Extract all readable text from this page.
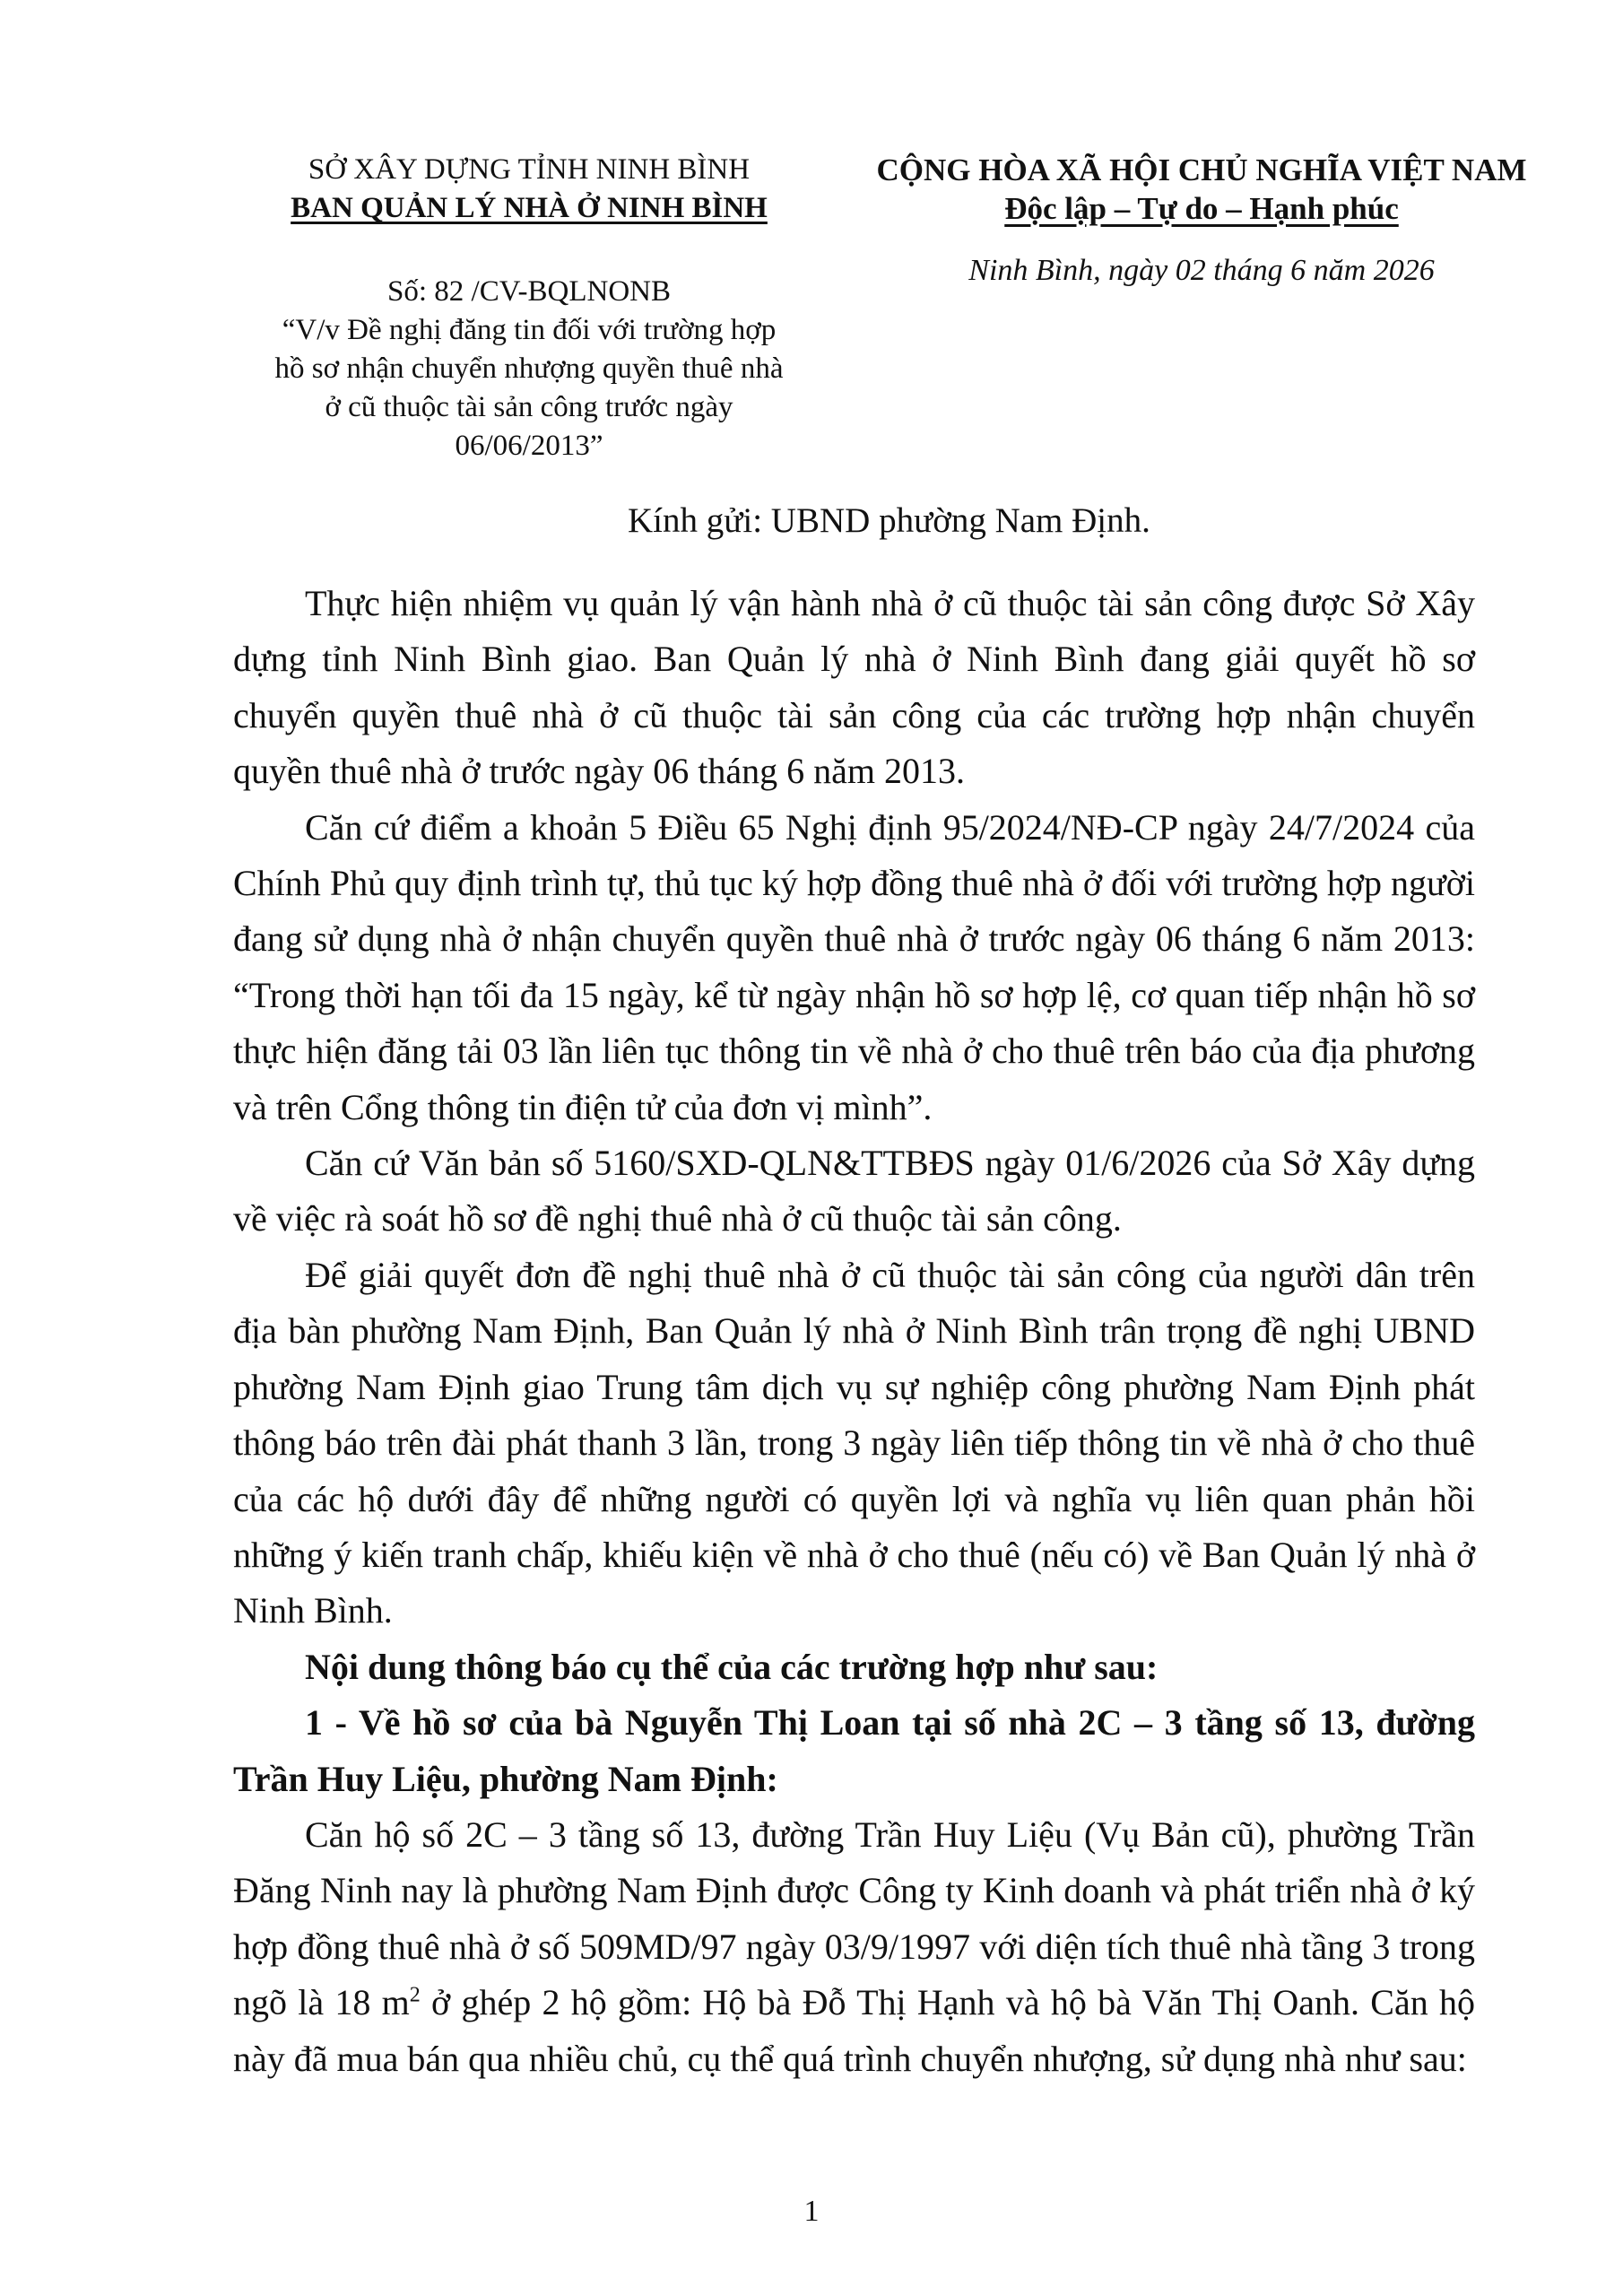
SỞ XÂY DỰNG TỈNH NINH BÌNH
BAN QUẢN LÝ NHÀ Ở NINH BÌNH
Số: 82 /CV-BQLNONB
“V/v Đề nghị đăng tin đối với trường hợp
hồ sơ nhận chuyển nhượng quyền thuê nhà
ở cũ thuộc tài sản công trước ngày
06/06/2013”
CỘNG HÒA XÃ HỘI CHỦ NGHĨA VIỆT NAM
Độc lập – Tự do – Hạnh phúc
Ninh Bình, ngày 02 tháng 6 năm 2026
Kính gửi: UBND phường Nam Định.

Thực hiện nhiệm vụ quản lý vận hành nhà ở cũ thuộc tài sản công được Sở Xây dựng tỉnh Ninh Bình giao. Ban Quản lý nhà ở Ninh Bình đang giải quyết hồ sơ chuyển quyền thuê nhà ở cũ thuộc tài sản công của các trường hợp nhận chuyển quyền thuê nhà ở trước ngày 06 tháng 6 năm 2013.

Căn cứ điểm a khoản 5 Điều 65 Nghị định 95/2024/NĐ-CP ngày 24/7/2024 của Chính Phủ quy định trình tự, thủ tục ký hợp đồng thuê nhà ở đối với trường hợp người đang sử dụng nhà ở nhận chuyển quyền thuê nhà ở trước ngày 06 tháng 6 năm 2013: “Trong thời hạn tối đa 15 ngày, kể từ ngày nhận hồ sơ hợp lệ, cơ quan tiếp nhận hồ sơ thực hiện đăng tải 03 lần liên tục thông tin về nhà ở cho thuê trên báo của địa phương và trên Cổng thông tin điện tử của đơn vị mình”.

Căn cứ Văn bản số 5160/SXD-QLN&TTBĐS ngày 01/6/2026 của Sở Xây dựng về việc rà soát hồ sơ đề nghị thuê nhà ở cũ thuộc tài sản công.

Để giải quyết đơn đề nghị thuê nhà ở cũ thuộc tài sản công của người dân trên địa bàn phường Nam Định, Ban Quản lý nhà ở Ninh Bình trân trọng đề nghị UBND phường Nam Định giao Trung tâm dịch vụ sự nghiệp công phường Nam Định phát thông báo trên đài phát thanh 3 lần, trong 3 ngày liên tiếp thông tin về nhà ở cho thuê của các hộ dưới đây để những người có quyền lợi và nghĩa vụ liên quan phản hồi những ý kiến tranh chấp, khiếu kiện về nhà ở cho thuê (nếu có) về Ban Quản lý nhà ở Ninh Bình.

Nội dung thông báo cụ thể của các trường hợp như sau:

1 - Về hồ sơ của bà Nguyễn Thị Loan tại số nhà 2C – 3 tầng số 13, đường Trần Huy Liệu, phường Nam Định:

Căn hộ số 2C – 3 tầng số 13, đường Trần Huy Liệu (Vụ Bản cũ), phường Trần Đăng Ninh nay là phường Nam Định được Công ty Kinh doanh và phát triển nhà ở ký hợp đồng thuê nhà ở số 509MD/97 ngày 03/9/1997 với diện tích thuê nhà tầng 3 trong ngõ là 18 $m^2$ ở ghép 2 hộ gồm: Hộ bà Đỗ Thị Hạnh và hộ bà Văn Thị Oanh. Căn hộ này đã mua bán qua nhiều chủ, cụ thể quá trình chuyển nhượng, sử dụng nhà như sau:

1
